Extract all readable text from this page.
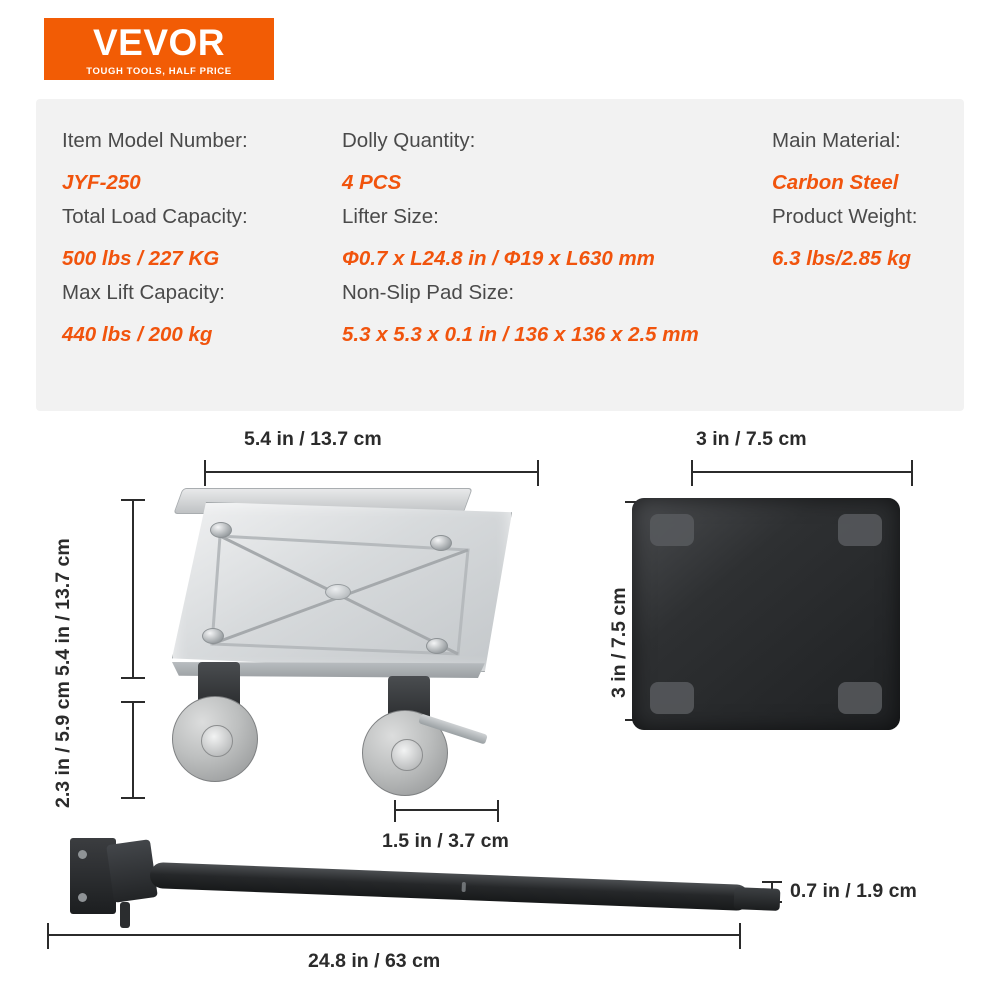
VEVOR
TOUGH TOOLS, HALF PRICE
Item Model Number:
JYF-250
Dolly Quantity:
4 PCS
Main Material:
Carbon Steel
Total Load Capacity:
500 lbs / 227 KG
Lifter Size:
Φ0.7 x L24.8 in / Φ19 x L630 mm
Product Weight:
6.3 lbs/2.85 kg
Max Lift Capacity:
440 lbs / 200 kg
Non-Slip Pad Size:
5.3 x 5.3 x 0.1 in / 136 x 136 x 2.5 mm
5.4 in / 13.7 cm
5.4 in / 13.7 cm
2.3 in / 5.9 cm
1.5 in / 3.7 cm
3 in / 7.5 cm
3 in / 7.5 cm
0.7 in / 1.9 cm
24.8 in / 63 cm
